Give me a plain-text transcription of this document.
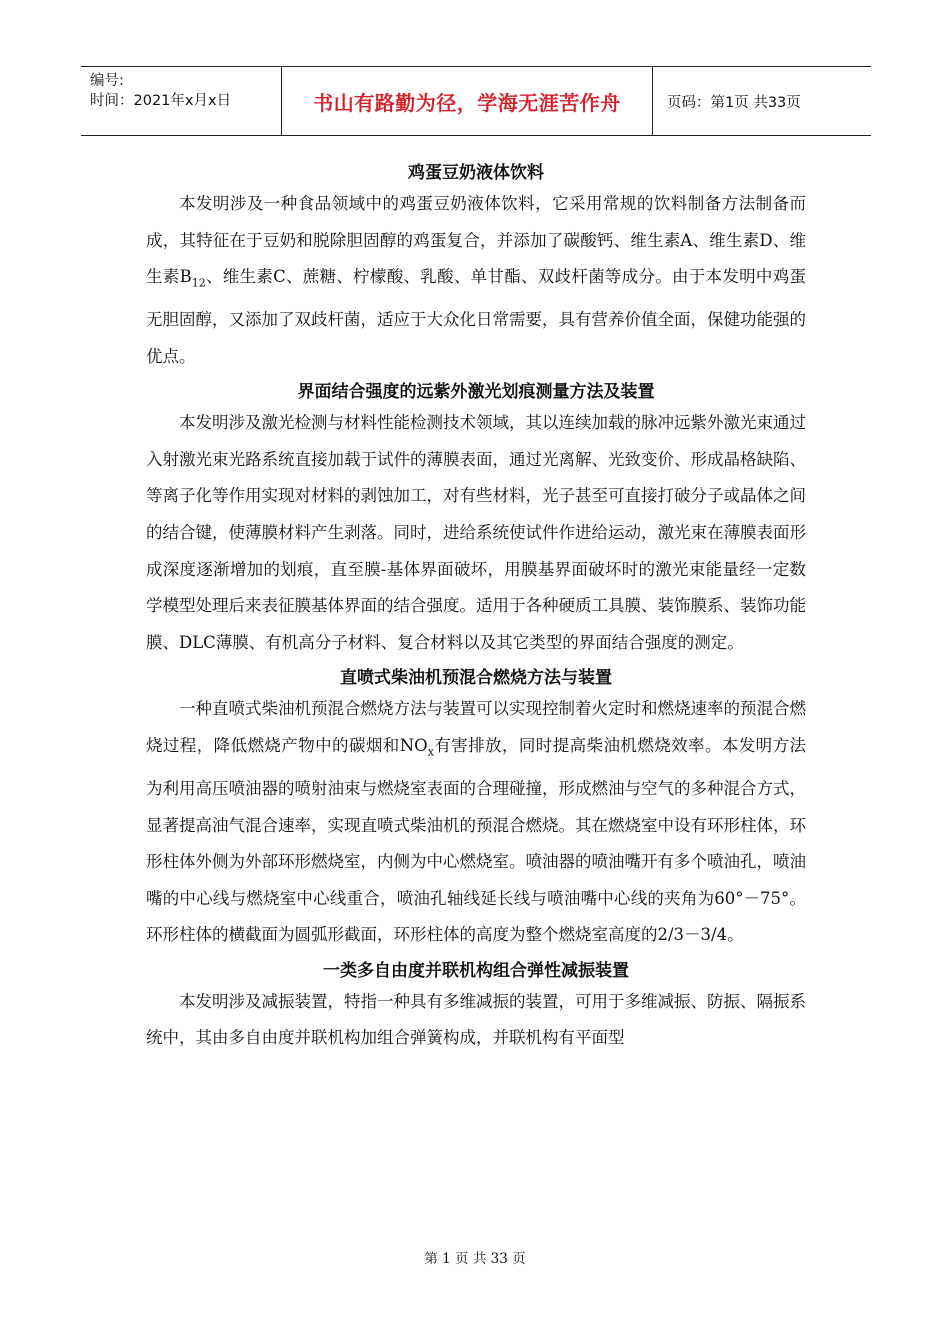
编号:
时间：2021年x月x日	书山有路勤为径，学海无涯苦作舟	页码：第1页 共33页
鸡蛋豆奶液体饮料

本发明涉及一种食品领域中的鸡蛋豆奶液体饮料，它采用常规的饮料制备方法制备而成，其特征在于豆奶和脱除胆固醇的鸡蛋复合，并添加了碳酸钙、维生素A、维生素D、维生素$B_{12}$、维生素C、蔗糖、柠檬酸、乳酸、单甘酯、双歧杆菌等成分。由于本发明中鸡蛋无胆固醇，又添加了双歧杆菌，适应于大众化日常需要，具有营养价值全面，保健功能强的优点。

界面结合强度的远紫外激光划痕测量方法及装置

本发明涉及激光检测与材料性能检测技术领域，其以连续加载的脉冲远紫外激光束通过入射激光束光路系统直接加载于试件的薄膜表面，通过光离解、光致变价、形成晶格缺陷、等离子化等作用实现对材料的剥蚀加工，对有些材料，光子甚至可直接打破分子或晶体之间的结合键，使薄膜材料产生剥落。同时，进给系统使试件作进给运动，激光束在薄膜表面形成深度逐渐增加的划痕，直至膜-基体界面破坏，用膜基界面破坏时的激光束能量经一定数学模型处理后来表征膜基体界面的结合强度。适用于各种硬质工具膜、装饰膜系、装饰功能膜、DLC薄膜、有机高分子材料、复合材料以及其它类型的界面结合强度的测定。

直喷式柴油机预混合燃烧方法与装置

一种直喷式柴油机预混合燃烧方法与装置可以实现控制着火定时和燃烧速率的预混合燃烧过程，降低燃烧产物中的碳烟和$NO_x$有害排放，同时提高柴油机燃烧效率。本发明方法为利用高压喷油器的喷射油束与燃烧室表面的合理碰撞，形成燃油与空气的多种混合方式，显著提高油气混合速率，实现直喷式柴油机的预混合燃烧。其在燃烧室中设有环形柱体，环形柱体外侧为外部环形燃烧室，内侧为中心燃烧室。喷油器的喷油嘴开有多个喷油孔，喷油嘴的中心线与燃烧室中心线重合，喷油孔轴线延长线与喷油嘴中心线的夹角为60°－75°。环形柱体的横截面为圆弧形截面，环形柱体的高度为整个燃烧室高度的2/3－3/4。

一类多自由度并联机构组合弹性减振装置

本发明涉及减振装置，特指一种具有多维减振的装置，可用于多维减振、防振、隔振系统中，其由多自由度并联机构加组合弹簧构成，并联机构有平面型

第 1 页 共 33 页
